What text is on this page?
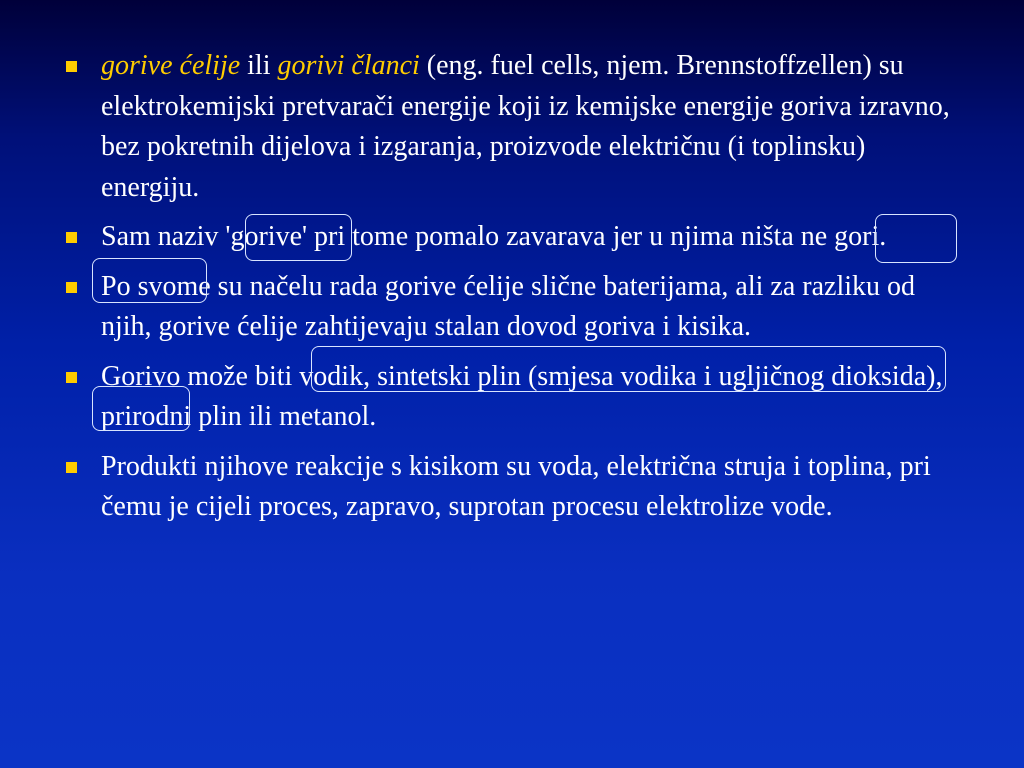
gorive ćelije ili gorivi članci (eng. fuel cells, njem. Brennstoffzellen) su elektrokemijski pretvarači energije koji iz kemijske energije goriva izravno, bez pokretnih dijelova i izgaranja, proizvode električnu (i toplinsku) energiju.
Sam naziv 'gorive' pri tome pomalo zavarava jer u njima ništa ne gori.
Po svome su načelu rada gorive ćelije slične baterijama, ali za razliku od njih, gorive ćelije zahtijevaju stalan dovod goriva i kisika.
Gorivo može biti vodik, sintetski plin (smjesa vodika i ugljičnog dioksida), prirodni plin ili metanol.
Produkti njihove reakcije s kisikom su voda, električna struja i toplina, pri čemu je cijeli proces, zapravo, suprotan procesu elektrolize vode.
